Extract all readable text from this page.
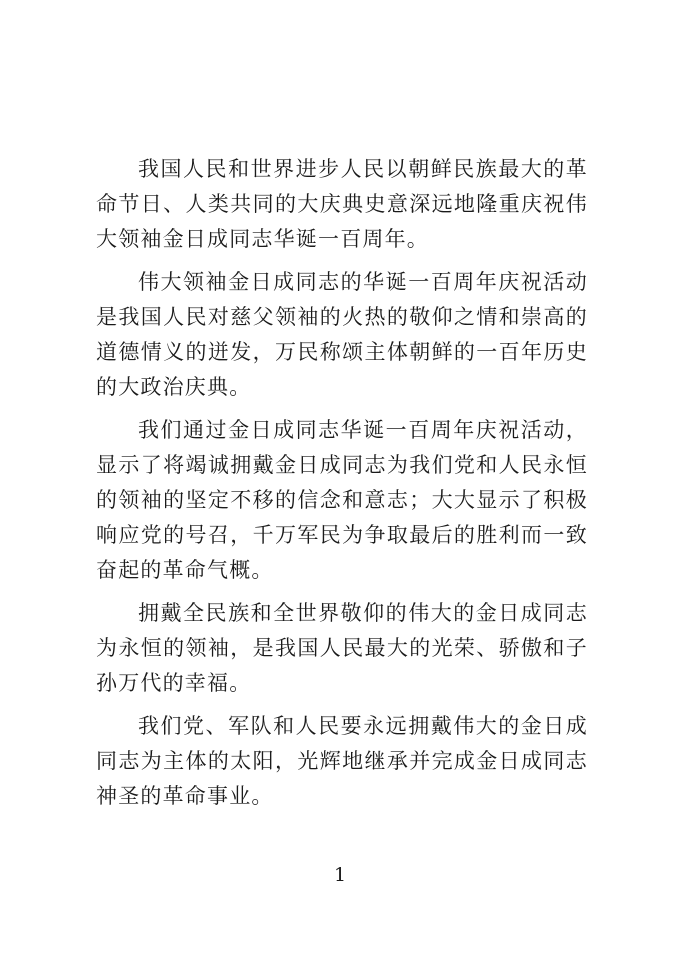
我国人民和世界进步人民以朝鲜民族最大的革命节日、人类共同的大庆典史意深远地隆重庆祝伟大领袖金日成同志华诞一百周年。

伟大领袖金日成同志的华诞一百周年庆祝活动是我国人民对慈父领袖的火热的敬仰之情和崇高的道德情义的迸发，万民称颂主体朝鲜的一百年历史的大政治庆典。

我们通过金日成同志华诞一百周年庆祝活动，显示了将竭诚拥戴金日成同志为我们党和人民永恒的领袖的坚定不移的信念和意志；大大显示了积极响应党的号召，千万军民为争取最后的胜利而一致奋起的革命气概。

拥戴全民族和全世界敬仰的伟大的金日成同志为永恒的领袖，是我国人民最大的光荣、骄傲和子孙万代的幸福。

我们党、军队和人民要永远拥戴伟大的金日成同志为主体的太阳，光辉地继承并完成金日成同志神圣的革命事业。

1
